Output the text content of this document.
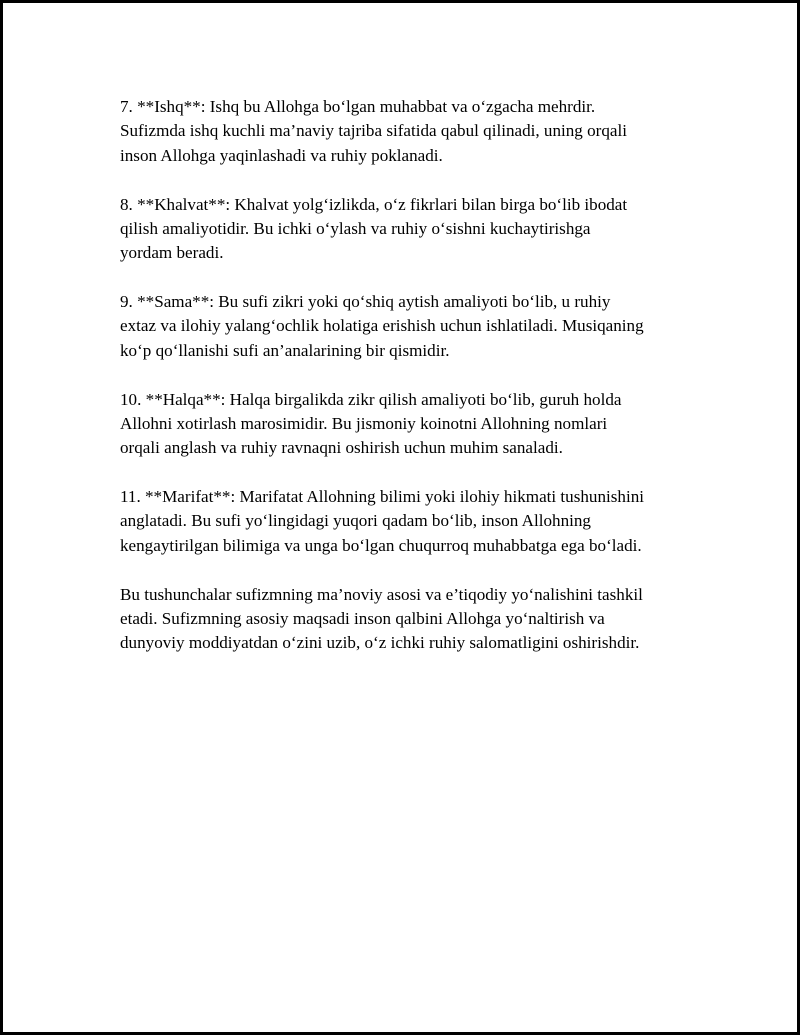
7. **Ishq**: Ishq bu Allohga bo‘lgan muhabbat va o‘zgacha mehrdir.
Sufizmda ishq kuchli ma’naviy tajriba sifatida qabul qilinadi, uning orqali
inson Allohga yaqinlashadi va ruhiy poklanadi.

8. **Khalvat**: Khalvat yolg‘izlikda, o‘z fikrlari bilan birga bo‘lib ibodat
qilish amaliyotidir. Bu ichki o‘ylash va ruhiy o‘sishni kuchaytirishga
yordam beradi.

9. **Sama**: Bu sufi zikri yoki qo‘shiq aytish amaliyoti bo‘lib, u ruhiy
extaz va ilohiy yalang‘ochlik holatiga erishish uchun ishlatiladi. Musiqaning
ko‘p qo‘llanishi sufi an’analarining bir qismidir.

10. **Halqa**: Halqa birgalikda zikr qilish amaliyoti bo‘lib, guruh holda
Allohni xotirlash marosimidir. Bu jismoniy koinotni Allohning nomlari
orqali anglash va ruhiy ravnaqni oshirish uchun muhim sanaladi.

11. **Marifat**: Marifatat Allohning bilimi yoki ilohiy hikmati tushunishini
anglatadi. Bu sufi yo‘lingidagi yuqori qadam bo‘lib, inson Allohning
kengaytirilgan bilimiga va unga bo‘lgan chuqurroq muhabbatga ega bo‘ladi.

Bu tushunchalar sufizmning ma’noviy asosi va e’tiqodiy yo‘nalishini tashkil
etadi. Sufizmning asosiy maqsadi inson qalbini Allohga yo‘naltirish va
dunyoviy moddiyatdan o‘zini uzib, o‘z ichki ruhiy salomatligini oshirishdir.
